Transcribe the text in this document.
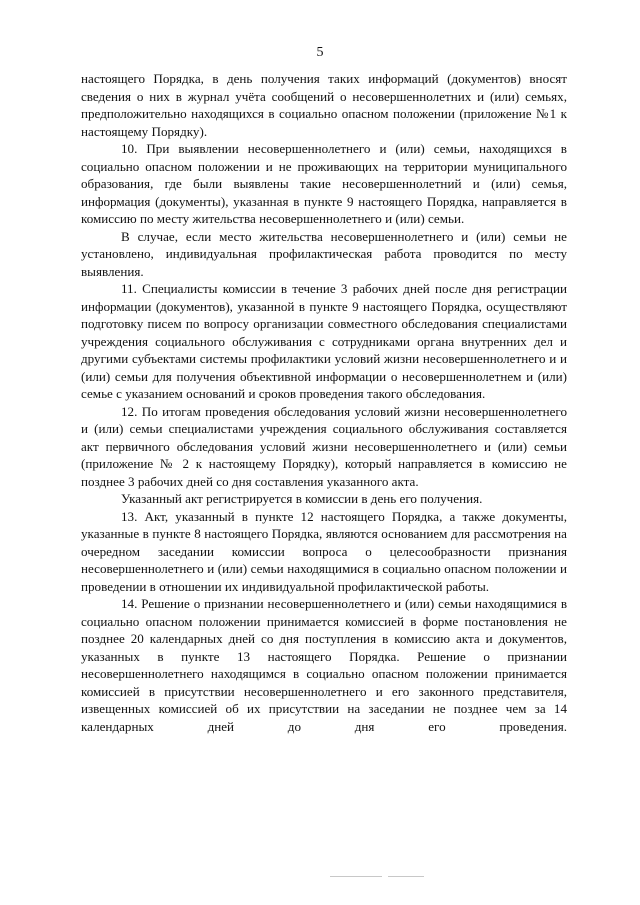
5

настоящего Порядка, в день получения таких информаций (документов) вносят сведения о них в журнал учёта сообщений о несовершеннолетних и (или) семьях, предположительно находящихся в социально опасном положении (приложение №1 к настоящему Порядку).

10. При выявлении несовершеннолетнего и (или) семьи, находящихся в социально опасном положении и не проживающих на территории муниципального образования, где были выявлены такие несовершеннолетний и (или) семья, информация (документы), указанная в пункте 9 настоящего Порядка, направляется в комиссию по месту жительства несовершеннолетнего и (или) семьи.

В случае, если место жительства несовершеннолетнего и (или) семьи не установлено, индивидуальная профилактическая работа проводится по месту выявления.

11. Специалисты комиссии в течение 3 рабочих дней после дня регистрации информации (документов), указанной в пункте 9 настоящего Порядка, осуществляют подготовку писем по вопросу организации совместного обследования специалистами учреждения социального обслуживания с сотрудниками органа внутренних дел и другими субъектами системы профилактики условий жизни несовершеннолетнего и и (или) семьи для получения объективной информации о несовершеннолетнем и (или) семье с указанием оснований и сроков проведения такого обследования.

12. По итогам проведения обследования условий жизни несовершеннолетнего и (или) семьи специалистами учреждения социального обслуживания составляется акт первичного обследования условий жизни несовершеннолетнего и (или) семьи (приложение № 2 к настоящему Порядку), который направляется в комиссию не позднее 3 рабочих дней со дня составления указанного акта.

Указанный акт регистрируется в комиссии в день его получения.

13. Акт, указанный в пункте 12 настоящего Порядка, а также документы, указанные в пункте 8 настоящего Порядка, являются основанием для рассмотрения на очередном заседании комиссии вопроса о целесообразности признания несовершеннолетнего и (или) семьи находящимися в социально опасном положении и проведении в отношении их индивидуальной профилактической работы.

14. Решение о признании несовершеннолетнего и (или) семьи находящимися в социально опасном положении принимается комиссией в форме постановления не позднее 20 календарных дней со дня поступления в комиссию акта и документов, указанных в пункте 13 настоящего Порядка. Решение о признании несовершеннолетнего находящимся в социально опасном положении принимается комиссией в присутствии несовершеннолетнего и его законного представителя, извещенных комиссией об их присутствии на заседании не позднее чем за 14 календарных дней до дня его проведения.
